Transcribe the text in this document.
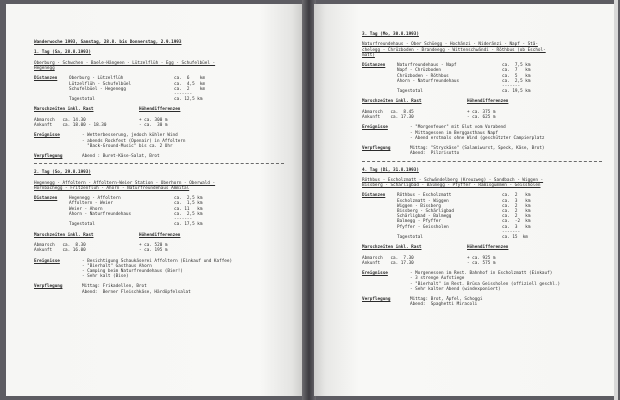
Wanderwoche 1993, Samstag, 28.8. bis Donnerstag, 2.9.1993
1. Tag (Sa, 28.8.1993)
Oberburg - Schwchen - Baele-Hängeen - Lützelflüh - Egg - Schufelbüel -
Hegenegg
Distanzen	Oberburg - Lützelflüh	ca.  6    km
Lützelflüh - Schufelbüel	ca.  4,5  km
Schufelbüel - Hegenegg	ca.  2    km
-------
Tagestotal	ca. 12,5 km
Marschzeiten inkl. Rast	Höhendifferenzen
Abmarsch   ca. 14.30	+ ca. 300 m
Ankunft    ca. 18.00 - 18.30	- ca.  30 m
Ereignisse	- Wetterbesserung, jedoch kühler Wind
- abends Rockfest (Openair) in Affoltern
"Back-Ground-Music" bis ca. 2 Uhr
Verpflegung	Abend : Buret-Käse-Salat, Brot
2. Tag (So, 29.8.1993)
Hegenegg - Affoltern - Affoltern-Weier Station - Oberhorn - Oberwald -
Hornbachegg - Fritzenfluh - Ahorn - Naturfreundehaus Ämmital
Distanzen	Hegenegg - Affoltern	ca.  2,5 km
Affoltern - Weier	ca.  1,5 km
Weier - Ahorn	ca. 11   km
Ahorn - Naturfreundehaus	ca.  2,5 km
-------
Tagestotal	ca. 17,5 km
Marschzeiten inkl. Rast	Höhendifferenzen
Abmarsch   ca.  8.30	+ ca. 520 m
Ankunft    ca. 16.00	- ca. 195 m
Ereignisse	- Besichtigung Schaukäserei Affoltern (Einkauf und Kaffee)
- "Bierhalt" Gasthaus Ahorn
- Camping beim Naturfreundehaus (Bier!)
- Sehr kalt (Bise)
Verpflegung	Mittag: Frikadellen, Brot
Abend:  Berner Fleischkäse, Härdöpfelsalat
3. Tag (Mo, 30.8.1993)
Naturfreundehaus - Ober Schüegg - Hochänzi - Nideränzi - Napf - Stä-
chelegg - Chrüzboden - Brandeegg - Wittenschwändi - Röthbus (ob Eschol-
matt)
Distanzen	Naturfreundehaus - Napf	ca.  7,5 km
Napf - Chrüzboden	ca.  7   km
Chrüzboden - Röthbus	ca.  5   km
Ahorn - Naturfreundehaus	ca.  2,5 km
-------
Tagestotal	ca. 19,5 km
Marschzeiten inkl. Rast	Höhendifferenzen
Abmarsch   ca.  8.45	+ ca. 375 m
Ankunft    ca. 17.30	- ca. 625 m
Ereignisse	- "Morgenfeuer" mit Glut vom Vorabend
- Mittagessen im Berggasthaus Napf
- Abend erstmals ohne Wind (geschützter Campierplatz
Verpflegung	Mittag: "Stryckäse" (Salamiwurst, Speck, Käse, Brot)
Abend:  Pilzrisotto
4. Tag (Di, 31.8.1993)
Röthbus - Escholzmatt - Schwändelberg (Kreuzweg) - Sandbach - Wiggen -
Bissberg - Schärligbad - Balmegg - Pfyffer - Rämisgummen - Geissholen
Distanzen	Röthbus - Escholzmatt	ca.  2   km
Escholzmatt - Wiggen	ca.  3   km
Wiggen - Bissberg	ca.  2   km
Bissberg - Schärligbad	ca.  2   km
Schärligbad - Balmegg	ca.  2   km
Balmegg - Pfyffer	ca.  -2  km
Pfyffer - Geissholen	ca.  3   km
-------
Tagestotal	ca. 15  km
Marschzeiten inkl. Rast	Höhendifferenzen
Abmarsch   ca.  7.30	+ ca. 925 m
Ankunft    ca. 17.30	- ca. 575 m
Ereignisse	- Morgenessen im Rest. Bahnhof in Escholzmatt (Einkauf)
- 3 strenge Aufstiege
- "Bierhalt" im Rest. Brüsa Geissholen (offiziell geschl.)
- Sehr kalter Abend (windexponiert)
Verpflegung	Mittag: Brot, Äpfel, Schoggi
Abend:  Spaghetti Miracoli
